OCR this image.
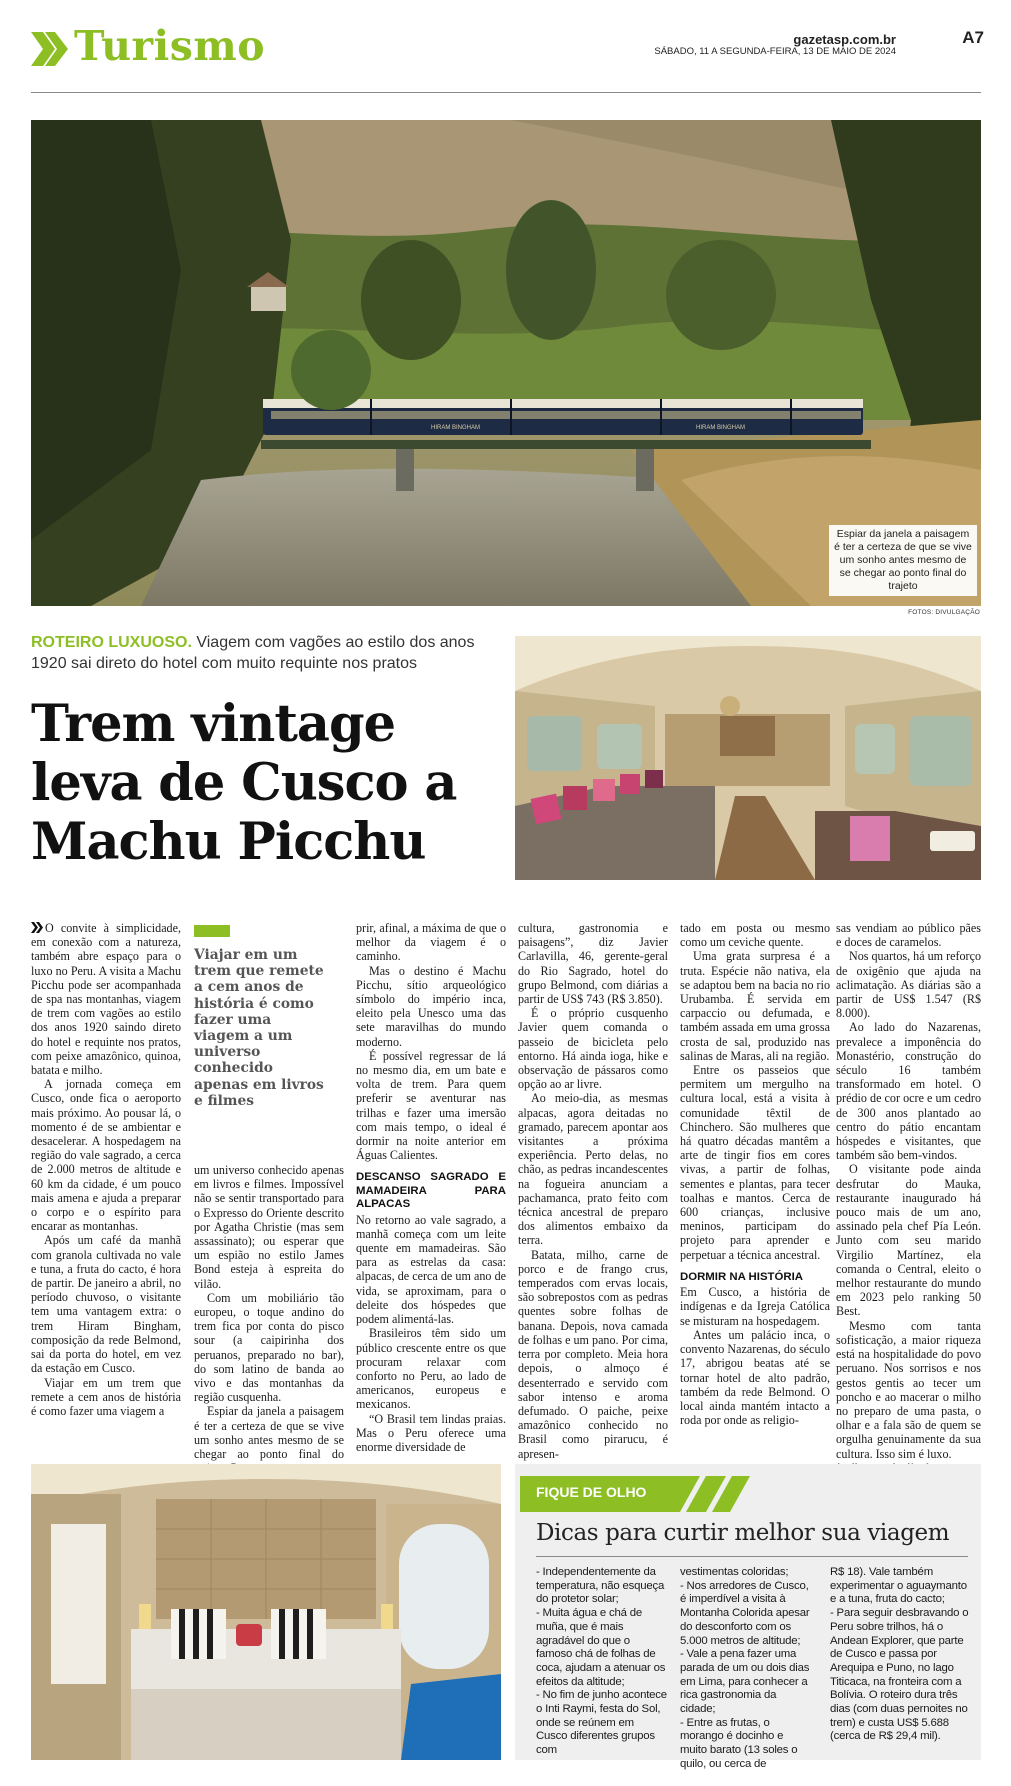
Turismo	gazetasp.com.br
SÁBADO, 11 A SEGUNDA-FEIRA, 13 DE MAIO DE 2024
A7
HIRAM BINGHAM	HIRAM BINGHAM
Espiar da janela a paisagem é ter a certeza de que se vive um sonho antes mesmo de se chegar ao ponto final do trajeto
FOTOS: DIVULGAÇÃO
ROTEIRO LUXUOSO. Viagem com vagões ao estilo dos anos 1920 sai direto do hotel com muito requinte nos pratos
Trem vintage leva de Cusco a Machu Picchu

O convite à simplicidade, em conexão com a natureza, também abre espaço para o luxo no Peru. A visita a Machu Picchu pode ser acompanhada de spa nas montanhas, viagem de trem com vagões ao estilo dos anos 1920 saindo direto do hotel e requinte nos pratos, com peixe amazônico, quinoa, batata e milho.

A jornada começa em Cusco, onde fica o aeroporto mais próximo. Ao pousar lá, o momento é de se ambientar e desacelerar. A hospedagem na região do vale sagrado, a cerca de 2.000 metros de altitude e 60 km da cidade, é um pouco mais amena e ajuda a preparar o corpo e o espírito para encarar as montanhas.

Após um café da manhã com granola cultivada no vale e tuna, a fruta do cacto, é hora de partir. De janeiro a abril, no período chuvoso, o visitante tem uma vantagem extra: o trem Hiram Bingham, composição da rede Belmond, sai da porta do hotel, em vez da estação em Cusco.

Viajar em um trem que remete a cem anos de história é como fazer uma viagem a

Viajar em um trem que remete a cem anos de história é como fazer uma viagem a um universo conhecido apenas em livros e filmes

um universo conhecido apenas em livros e filmes. Impossível não se sentir transportado para o Expresso do Oriente descrito por Agatha Christie (mas sem assassinato); ou esperar que um espião no estilo James Bond esteja à espreita do vilão.

Com um mobiliário tão europeu, o toque andino do trem fica por conta do pisco sour (a caipirinha dos peruanos, preparado no bar), do som latino de banda ao vivo e das montanhas da região cusquenha.

Espiar da janela a paisagem é ter a certeza de que se vive um sonho antes mesmo de se chegar ao ponto final do

prir, afinal, a máxima de que o melhor da viagem é o caminho.

Mas o destino é Machu Picchu, sítio arqueológico símbolo do império inca, eleito pela Unesco uma das sete maravilhas do mundo moderno.

É possível regressar de lá no mesmo dia, em um bate e volta de trem. Para quem preferir se aventurar nas trilhas e fazer uma imersão com mais tempo, o ideal é dormir na noite anterior em Águas Calientes.

DESCANSO SAGRADO E MAMADEIRA PARA ALPACAS

No retorno ao vale sagrado, a manhã começa com um leite quente em mamadeiras. São para as estrelas da casa: alpacas, de cerca de um ano de vida, se aproximam, para o deleite dos hóspedes que podem alimentá-las.

Brasileiros têm sido um público crescente entre os que procuram relaxar com conforto no Peru, ao lado de americanos, europeus e mexicanos.

“O Brasil tem lindas praias. Mas o Peru oferece uma enorme diversidade de

cultura, gastronomia e paisagens”, diz Javier Carlavilla, 46, gerente-geral do Rio Sagrado, hotel do grupo Belmond, com diárias a partir de US$ 743 (R$ 3.850).

É o próprio cusquenho Javier quem comanda o passeio de bicicleta pelo entorno. Há ainda ioga, hike e observação de pássaros como opção ao ar livre.

Ao meio-dia, as mesmas alpacas, agora deitadas no gramado, parecem apontar aos visitantes a próxima experiência. Perto delas, no chão, as pedras incandescentes na fogueira anunciam a pachamanca, prato feito com técnica ancestral de preparo dos alimentos embaixo da terra.

Batata, milho, carne de porco e de frango crus, temperados com ervas locais, são sobrepostos com as pedras quentes sobre folhas de banana. Depois, nova camada de folhas e um pano. Por cima, terra por completo. Meia hora depois, o almoço é desenterrado e servido com sabor intenso e aroma defumado. O paiche, peixe amazônico conhecido no Brasil como pirarucu, é apresen-

tado em posta ou mesmo como um ceviche quente.

Uma grata surpresa é a truta. Espécie não nativa, ela se adaptou bem na bacia no rio Urubamba. É servida em carpaccio ou defumada, e também assada em uma grossa crosta de sal, produzido nas salinas de Maras, ali na região.

Entre os passeios que permitem um mergulho na cultura local, está a visita à comunidade têxtil de Chinchero. São mulheres que há quatro décadas mantêm a arte de tingir fios em cores vivas, a partir de folhas, sementes e plantas, para tecer toalhas e mantos. Cerca de 600 crianças, inclusive meninos, participam do projeto para aprender e perpetuar a técnica ancestral.

DORMIR NA HISTÓRIA

Em Cusco, a história de indígenas e da Igreja Católica se misturam na hospedagem.

Antes um palácio inca, o convento Nazarenas, do século 17, abrigou beatas até se tornar hotel de alto padrão, também da rede Belmond. O local ainda mantém intacto a roda por onde as religio-

sas vendiam ao público pães e doces de caramelos.

Nos quartos, há um reforço de oxigênio que ajuda na aclimatação. As diárias são a partir de US$ 1.547 (R$ 8.000).

Ao lado do Nazarenas, prevalece a imponência do Monastério, construção do século 16 também transformado em hotel. O prédio de cor ocre e um cedro de 300 anos plantado ao centro do pátio encantam hóspedes e visitantes, que também são bem-vindos.

O visitante pode ainda desfrutar do Mauka, restaurante inaugurado há pouco mais de um ano, assinado pela chef Pía León. Junto com seu marido Virgilio Martínez, ela comanda o Central, eleito o melhor restaurante do mundo em 2023 pelo ranking 50 Best.

Mesmo com tanta sofisticação, a maior riqueza está na hospitalidade do povo peruano. Nos sorrisos e nos gestos gentis ao tecer um poncho e ao macerar o milho no preparo de uma pasta, o olhar e a fala são de quem se orgulha genuinamente da sua cultura. Isso sim é luxo.

FIQUE DE OLHO
Dicas para curtir melhor sua viagem
- Independentemente da temperatura, não esqueça do protetor solar;
- Muita água e chá de muña, que é mais agradável do que o famoso chá de folhas de coca, ajudam a atenuar os efeitos da altitude;
- No fim de junho acontece o Inti Raymi, festa do Sol, onde se reúnem em Cusco diferentes grupos com
vestimentas coloridas;
- Nos arredores de Cusco, é imperdível a visita à Montanha Colorida apesar do desconforto com os 5.000 metros de altitude;
- Vale a pena fazer uma parada de um ou dois dias em Lima, para conhecer a rica gastronomia da cidade;
- Entre as frutas, o morango é docinho e muito barato (13 soles o quilo, ou cerca de
R$ 18). Vale também experimentar o aguaymanto e a tuna, fruta do cacto;
- Para seguir desbravando o Peru sobre trilhos, há o Andean Explorer, que parte de Cusco e passa por Arequipa e Puno, no lago Titicaca, na fronteira com a Bolívia. O roteiro dura três dias (com duas pernoites no trem) e custa US$ 5.688 (cerca de R$ 29,4 mil).
